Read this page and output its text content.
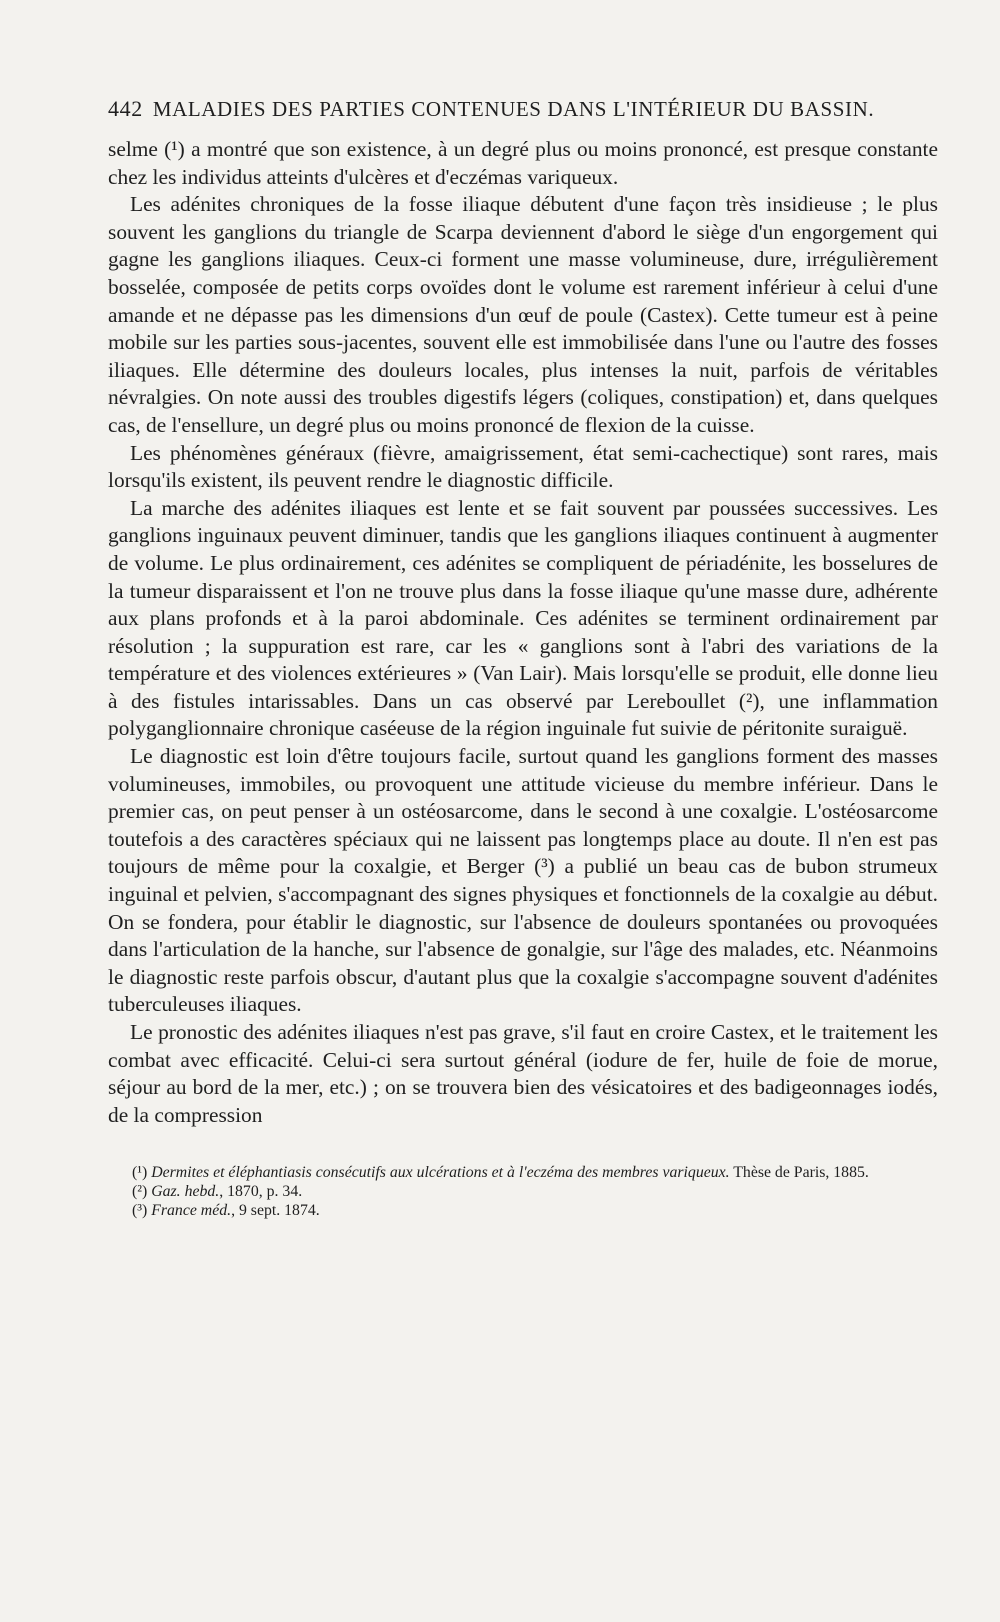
442 MALADIES DES PARTIES CONTENUES DANS L'INTÉRIEUR DU BASSIN.

selme (¹) a montré que son existence, à un degré plus ou moins prononcé, est presque constante chez les individus atteints d'ulcères et d'eczémas variqueux.

Les adénites chroniques de la fosse iliaque débutent d'une façon très insidieuse ; le plus souvent les ganglions du triangle de Scarpa deviennent d'abord le siège d'un engorgement qui gagne les ganglions iliaques. Ceux-ci forment une masse volumineuse, dure, irrégulièrement bosselée, composée de petits corps ovoïdes dont le volume est rarement inférieur à celui d'une amande et ne dépasse pas les dimensions d'un œuf de poule (Castex). Cette tumeur est à peine mobile sur les parties sous-jacentes, souvent elle est immobilisée dans l'une ou l'autre des fosses iliaques. Elle détermine des douleurs locales, plus intenses la nuit, parfois de véritables névralgies. On note aussi des troubles digestifs légers (coliques, constipation) et, dans quelques cas, de l'ensellure, un degré plus ou moins prononcé de flexion de la cuisse.

Les phénomènes généraux (fièvre, amaigrissement, état semi-cachectique) sont rares, mais lorsqu'ils existent, ils peuvent rendre le diagnostic difficile.

La marche des adénites iliaques est lente et se fait souvent par poussées successives. Les ganglions inguinaux peuvent diminuer, tandis que les ganglions iliaques continuent à augmenter de volume. Le plus ordinairement, ces adénites se compliquent de périadénite, les bosselures de la tumeur disparaissent et l'on ne trouve plus dans la fosse iliaque qu'une masse dure, adhérente aux plans profonds et à la paroi abdominale. Ces adénites se terminent ordinairement par résolution ; la suppuration est rare, car les « ganglions sont à l'abri des variations de la température et des violences extérieures » (Van Lair). Mais lorsqu'elle se produit, elle donne lieu à des fistules intarissables. Dans un cas observé par Lereboullet (²), une inflammation polyganglionnaire chronique caséeuse de la région inguinale fut suivie de péritonite suraiguë.

Le diagnostic est loin d'être toujours facile, surtout quand les ganglions forment des masses volumineuses, immobiles, ou provoquent une attitude vicieuse du membre inférieur. Dans le premier cas, on peut penser à un ostéosarcome, dans le second à une coxalgie. L'ostéosarcome toutefois a des caractères spéciaux qui ne laissent pas longtemps place au doute. Il n'en est pas toujours de même pour la coxalgie, et Berger (³) a publié un beau cas de bubon strumeux inguinal et pelvien, s'accompagnant des signes physiques et fonctionnels de la coxalgie au début. On se fondera, pour établir le diagnostic, sur l'absence de douleurs spontanées ou provoquées dans l'articulation de la hanche, sur l'absence de gonalgie, sur l'âge des malades, etc. Néanmoins le diagnostic reste parfois obscur, d'autant plus que la coxalgie s'accompagne souvent d'adénites tuberculeuses iliaques.

Le pronostic des adénites iliaques n'est pas grave, s'il faut en croire Castex, et le traitement les combat avec efficacité. Celui-ci sera surtout général (iodure de fer, huile de foie de morue, séjour au bord de la mer, etc.) ; on se trouvera bien des vésicatoires et des badigeonnages iodés, de la compression

(¹) Dermites et éléphantiasis consécutifs aux ulcérations et à l'eczéma des membres variqueux. Thèse de Paris, 1885.

(²) Gaz. hebd., 1870, p. 34.

(³) France méd., 9 sept. 1874.
